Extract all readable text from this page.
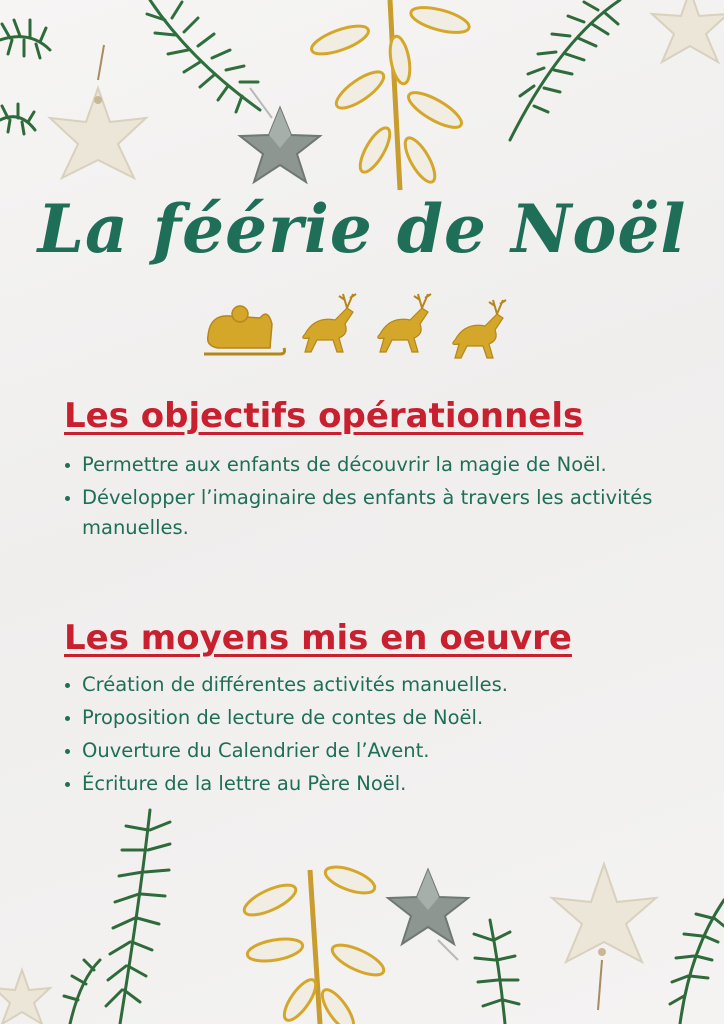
La féérie de Noël
Les objectifs opérationnels
• Permettre aux enfants de découvrir la magie de Noël.
• Développer l’imaginaire des enfants à travers les activités manuelles.
Les moyens mis en oeuvre
• Création de différentes activités manuelles.
• Proposition de lecture de contes de Noël.
• Ouverture du Calendrier de l’Avent.
• Écriture de la lettre au Père Noël.
